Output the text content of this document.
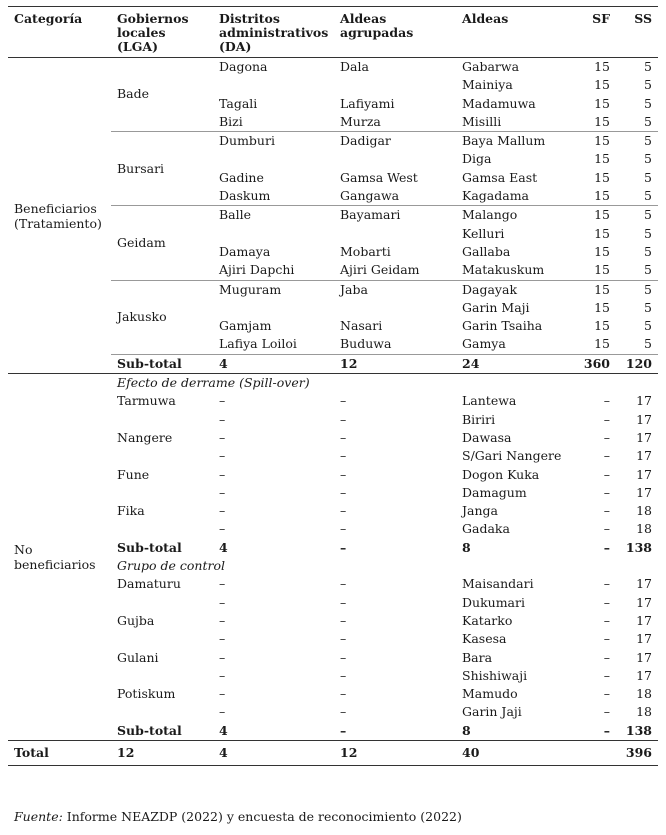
Categoría	Gobiernos locales (LGA)	Distritos administrativos (DA)	Aldeas agrupadas	Aldeas	SF	SS
Beneficiarios (Tratamiento)	Bade	Dagona	Dala	Gabarwa	15	5
				Mainiya	15	5
		Tagali	Lafiyami	Madamuwa	15	5
		Bizi	Murza	Misilli	15	5
	Bursari	Dumburi	Dadigar	Baya Mallum	15	5
				Diga	15	5
		Gadine	Gamsa West	Gamsa East	15	5
		Daskum	Gangawa	Kagadama	15	5
	Geidam	Balle	Bayamari	Malango	15	5
				Kelluri	15	5
		Damaya	Mobarti	Gallaba	15	5
		Ajiri Dapchi	Ajiri Geidam	Matakuskum	15	5
	Jakusko	Muguram	Jaba	Dagayak	15	5
				Garin Maji	15	5
		Gamjam	Nasari	Garin Tsaiha	15	5
		Lafiya Loiloi	Buduwa	Gamya	15	5
	Sub-total	4	12	24	360	120
No beneficiarios	Efecto de derrame (Spill-over)					
	Tarmuwa	–	–	Lantewa	–	17
		–	–	Biriri	–	17
	Nangere	–	–	Dawasa	–	17
		–	–	S/Gari Nangere	–	17
	Fune	–	–	Dogon Kuka	–	17
		–	–	Damagum	–	17
	Fika	–	–	Janga	–	18
		–	–	Gadaka	–	18
	Sub-total	4	–	8	–	138
	Grupo de control					
	Damaturu	–	–	Maisandari	–	17
		–	–	Dukumari	–	17
	Gujba	–	–	Katarko	–	17
		–	–	Kasesa	–	17
	Gulani	–	–	Bara	–	17
		–	–	Shishiwaji	–	17
	Potiskum	–	–	Mamudo	–	18
		–	–	Garin Jaji	–	18
	Sub-total	4	–	8	–	138
Total	12	4	12	40		396
Fuente: Informe NEAZDP (2022) y encuesta de reconocimiento (2022)
